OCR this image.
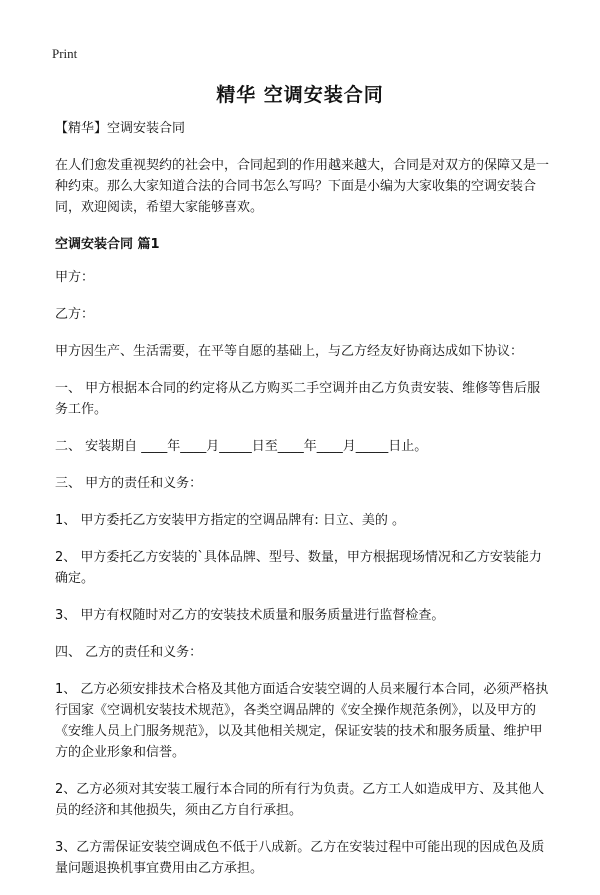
Print
精华 空调安装合同

【精华】空调安装合同

在人们愈发重视契约的社会中，合同起到的作用越来越大，合同是对双方的保障又是一种约束。那么大家知道合法的合同书怎么写吗？下面是小编为大家收集的空调安装合同，欢迎阅读，希望大家能够喜欢。

空调安装合同 篇1

甲方：

乙方：

甲方因生产、生活需要，在平等自愿的基础上，与乙方经友好协商达成如下协议：

一、 甲方根据本合同的约定将从乙方购买二手空调并由乙方负责安装、维修等售后服务工作。

二、 安装期自 ____年____月_____日至____年____月_____日止。

三、 甲方的责任和义务：

1、 甲方委托乙方安装甲方指定的空调品牌有: 日立、美的 。

2、 甲方委托乙方安装的`具体品牌、型号、数量，甲方根据现场情况和乙方安装能力确定。

3、 甲方有权随时对乙方的安装技术质量和服务质量进行监督检查。

四、 乙方的责任和义务：

1、 乙方必须安排技术合格及其他方面适合安装空调的人员来履行本合同，必须严格执行国家《空调机安装技术规范》，各类空调品牌的《安全操作规范条例》，以及甲方的《安维人员上门服务规范》，以及其他相关规定，保证安装的技术和服务质量、维护甲方的企业形象和信誉。

2、乙方必须对其安装工履行本合同的所有行为负责。乙方工人如造成甲方、及其他人员的经济和其他损失，须由乙方自行承担。

3、乙方需保证安装空调成色不低于八成新。乙方在安装过程中可能出现的因成色及质量问题退换机事宜费用由乙方承担。
